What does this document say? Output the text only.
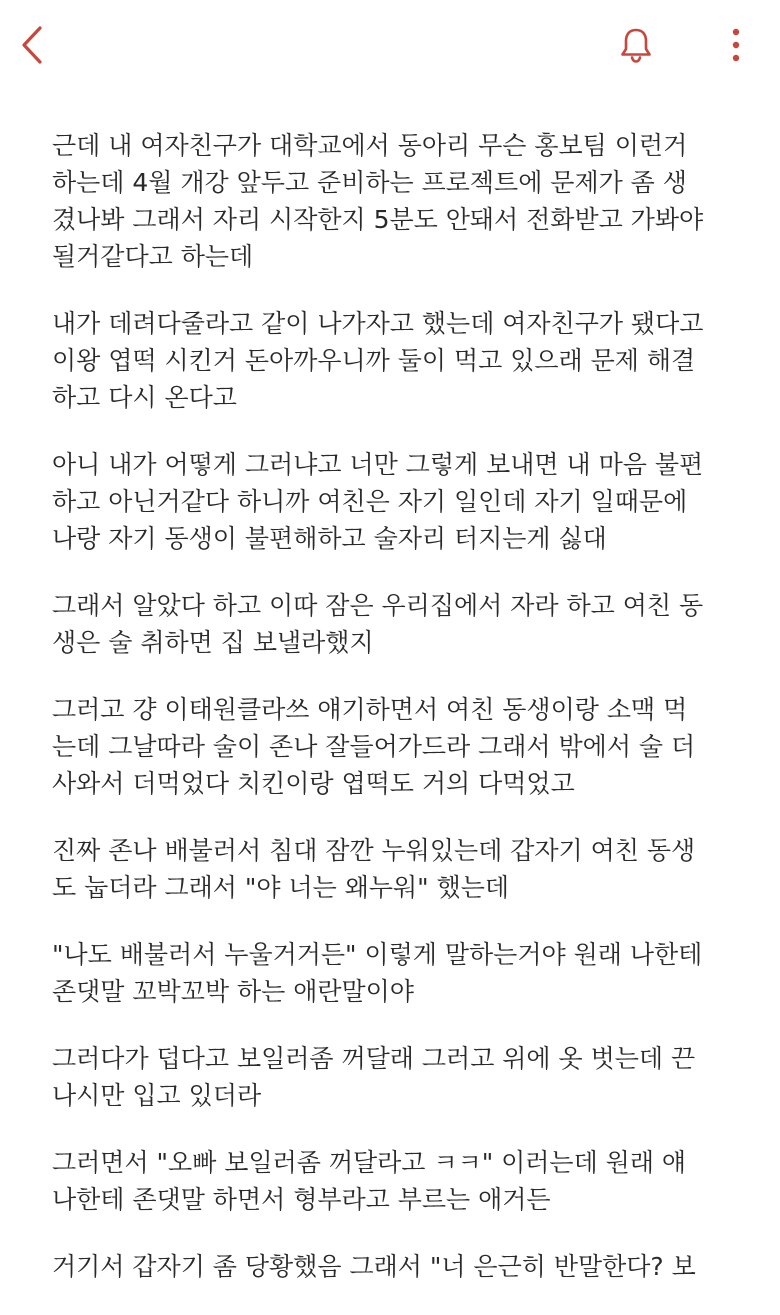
근데 내 여자친구가 대학교에서 동아리 무슨 홍보팀 이런거
하는데 4월 개강 앞두고 준비하는 프로젝트에 문제가 좀 생
겼나봐 그래서 자리 시작한지 5분도 안돼서 전화받고 가봐야
될거같다고 하는데
내가 데려다줄라고 같이 나가자고 했는데 여자친구가 됐다고
이왕 엽떡 시킨거 돈아까우니까 둘이 먹고 있으래 문제 해결
하고 다시 온다고
아니 내가 어떻게 그러냐고 너만 그렇게 보내면 내 마음 불편
하고 아닌거같다 하니까 여친은 자기 일인데 자기 일때문에
나랑 자기 동생이 불편해하고 술자리 터지는게 싫대
그래서 알았다 하고 이따 잠은 우리집에서 자라 하고 여친 동
생은 술 취하면 집 보낼라했지
그러고 걍 이태원클라쓰 얘기하면서 여친 동생이랑 소맥 먹
는데 그날따라 술이 존나 잘들어가드라 그래서 밖에서 술 더
사와서 더먹었다 치킨이랑 엽떡도 거의 다먹었고
진짜 존나 배불러서 침대 잠깐 누워있는데 갑자기 여친 동생
도 눕더라 그래서 "야 너는 왜누워" 했는데
"나도 배불러서 누울거거든" 이렇게 말하는거야 원래 나한테
존댓말 꼬박꼬박 하는 애란말이야
그러다가 덥다고 보일러좀 꺼달래 그러고 위에 옷 벗는데 끈
나시만 입고 있더라
그러면서 "오빠 보일러좀 꺼달라고 ㅋㅋ" 이러는데 원래 얘
나한테 존댓말 하면서 형부라고 부르는 애거든
거기서 갑자기 좀 당황했음 그래서 "너 은근히 반말한다? 보
